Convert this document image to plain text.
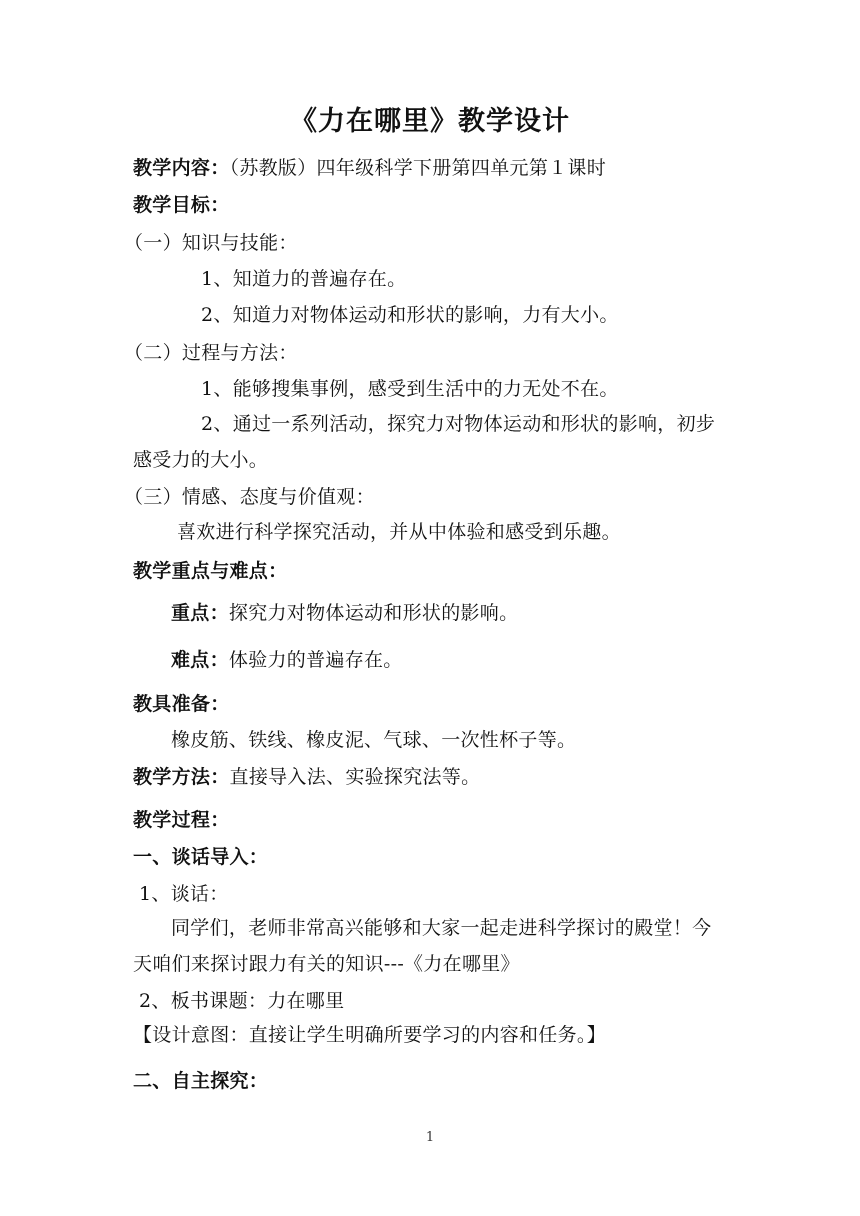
《力在哪里》教学设计
教学内容：（苏教版）四年级科学下册第四单元第１课时
教学目标：
（一）知识与技能：
1、知道力的普遍存在。
2、知道力对物体运动和形状的影响，力有大小。
（二）过程与方法：
1、能够搜集事例，感受到生活中的力无处不在。
2、通过一系列活动，探究力对物体运动和形状的影响，初步
感受力的大小。
（三）情感、态度与价值观：
喜欢进行科学探究活动，并从中体验和感受到乐趣。
教学重点与难点：
重点：探究力对物体运动和形状的影响。
难点：体验力的普遍存在。
教具准备：
橡皮筋、铁线、橡皮泥、气球、一次性杯子等。
教学方法：直接导入法、实验探究法等。
教学过程：
一、谈话导入：
1、谈话：
同学们，老师非常高兴能够和大家一起走进科学探讨的殿堂！今
天咱们来探讨跟力有关的知识---《力在哪里》
2、板书课题：力在哪里
【设计意图：直接让学生明确所要学习的内容和任务。】
二、自主探究：
1
